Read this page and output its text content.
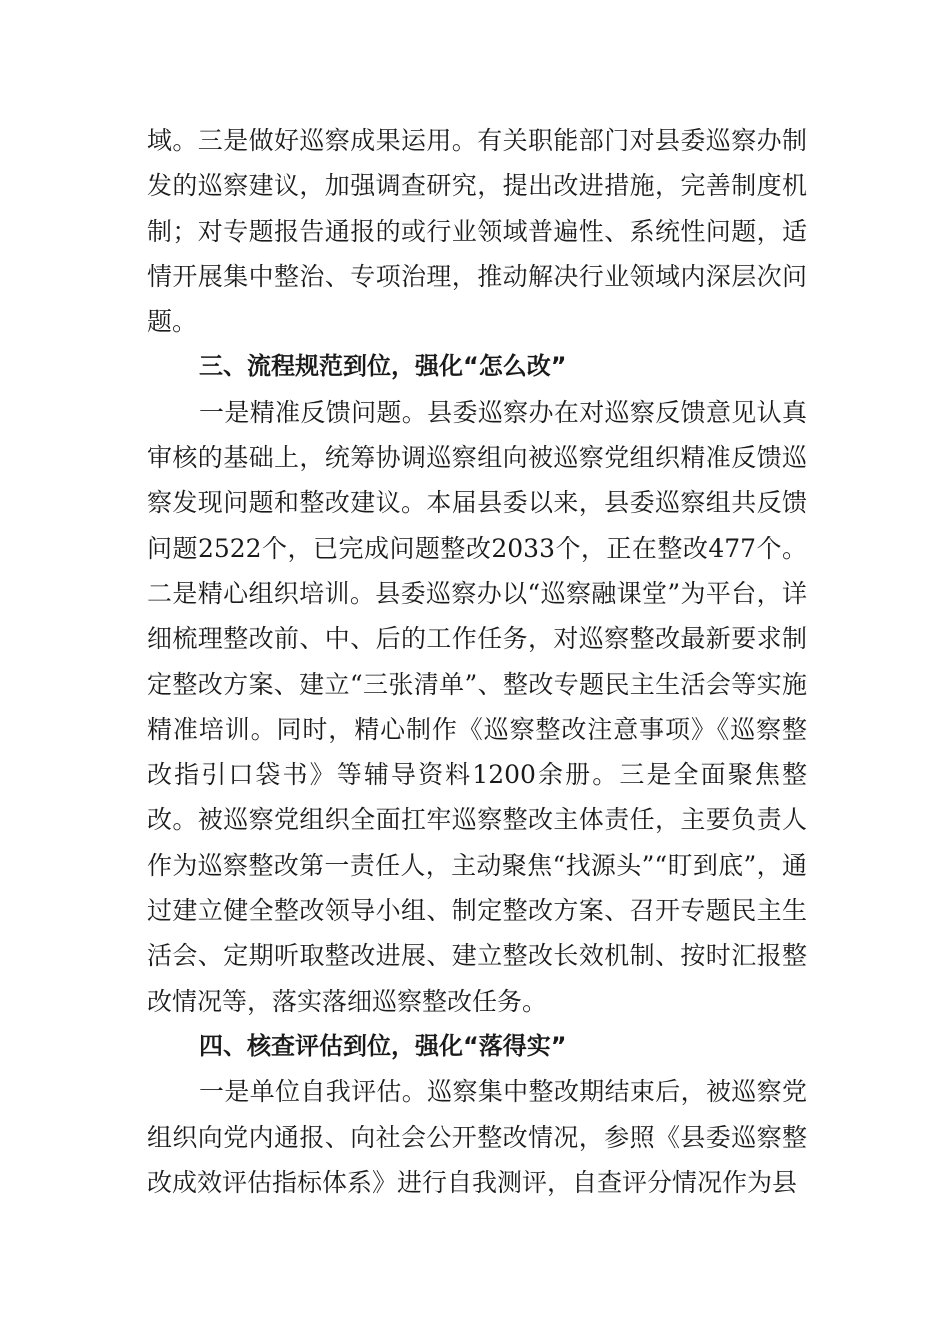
域。三是做好巡察成果运用。有关职能部门对县委巡察办制发的巡察建议，加强调查研究，提出改进措施，完善制度机制；对专题报告通报的或行业领域普遍性、系统性问题，适情开展集中整治、专项治理，推动解决行业领域内深层次问题。

三、流程规范到位，强化“怎么改”

一是精准反馈问题。县委巡察办在对巡察反馈意见认真审核的基础上，统筹协调巡察组向被巡察党组织精准反馈巡察发现问题和整改建议。本届县委以来，县委巡察组共反馈问题2522个，已完成问题整改2033个，正在整改477个。二是精心组织培训。县委巡察办以“巡察融课堂”为平台，详细梳理整改前、中、后的工作任务，对巡察整改最新要求制定整改方案、建立“三张清单”、整改专题民主生活会等实施精准培训。同时，精心制作《巡察整改注意事项》《巡察整改指引口袋书》等辅导资料1200余册。三是全面聚焦整改。被巡察党组织全面扛牢巡察整改主体责任，主要负责人作为巡察整改第一责任人，主动聚焦“找源头”“盯到底”，通过建立健全整改领导小组、制定整改方案、召开专题民主生活会、定期听取整改进展、建立整改长效机制、按时汇报整改情况等，落实落细巡察整改任务。

四、核查评估到位，强化“落得实”

一是单位自我评估。巡察集中整改期结束后，被巡察党组织向党内通报、向社会公开整改情况，参照《县委巡察整改成效评估指标体系》进行自我测评，自查评分情况作为县
